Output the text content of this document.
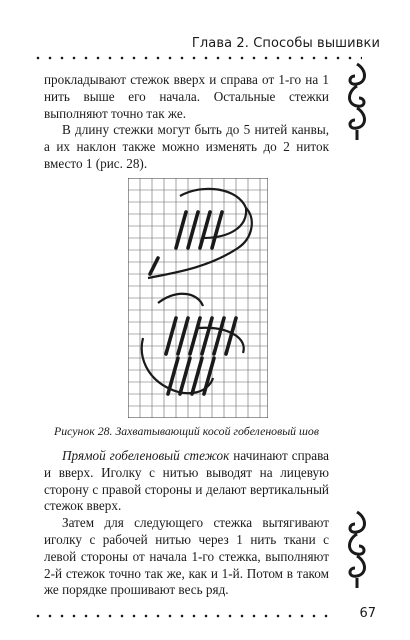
Глава 2. Способы вышивки

прокладывают стежок вверх и справа от 1-го на 1 нить выше его начала. Остальные стежки выполняют точно так же.

В длину стежки могут быть до 5 нитей канвы, а их наклон также можно изменять до 2 ниток вместо 1 (рис. 28).

Рисунок 28. Захватывающий косой гобеленовый шов

Прямой гобеленовый стежок начинают справа и вверх. Иголку с нитью выводят на лицевую сторону с правой стороны и делают вертикальный стежок вверх.

Затем для следующего стежка вытягивают иголку с рабочей нитью через 1 нить ткани с левой стороны от начала 1-го стежка, выполняют 2-й стежок точно так же, как и 1-й. Потом в таком же порядке прошивают весь ряд.

67
